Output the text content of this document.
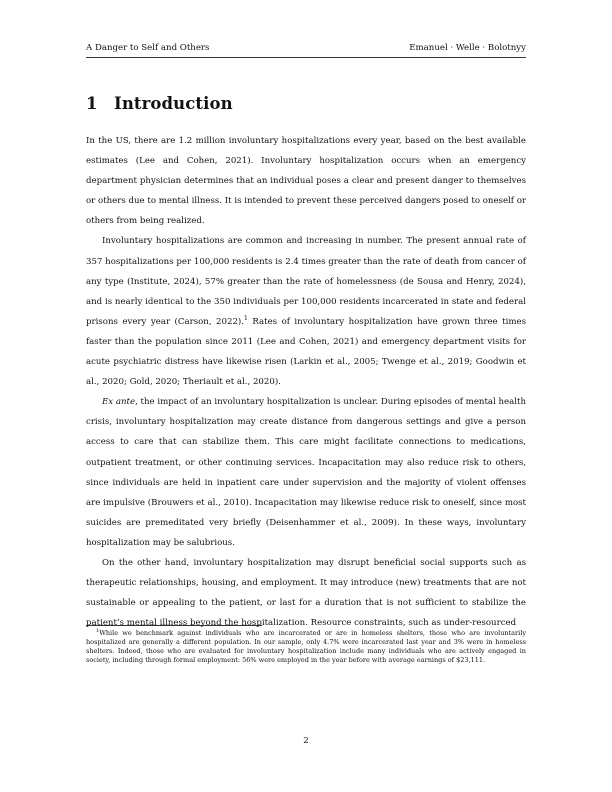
A Danger to Self and Others	Emanuel · Welle · Bolotnyy
1 Introduction

In the US, there are 1.2 million involuntary hospitalizations every year, based on the best available estimates (Lee and Cohen, 2021). Involuntary hospitalization occurs when an emergency department physician determines that an individual poses a clear and present danger to themselves or others due to mental illness. It is intended to prevent these perceived dangers posed to oneself or others from being realized.

Involuntary hospitalizations are common and increasing in number. The present annual rate of 357 hospitalizations per 100,000 residents is 2.4 times greater than the rate of death from cancer of any type (Institute, 2024), 57% greater than the rate of homelessness (de Sousa and Henry, 2024), and is nearly identical to the 350 individuals per 100,000 residents incarcerated in state and federal prisons every year (Carson, 2022).$^1$ Rates of involuntary hospitalization have grown three times faster than the population since 2011 (Lee and Cohen, 2021) and emergency department visits for acute psychiatric distress have likewise risen (Larkin et al., 2005; Twenge et al., 2019; Goodwin et al., 2020; Gold, 2020; Theriault et al., 2020).

Ex ante, the impact of an involuntary hospitalization is unclear. During episodes of mental health crisis, involuntary hospitalization may create distance from dangerous settings and give a person access to care that can stabilize them. This care might facilitate connections to medications, outpatient treatment, or other continuing services. Incapacitation may also reduce risk to others, since individuals are held in inpatient care under supervision and the majority of violent offenses are impulsive (Brouwers et al., 2010). Incapacitation may likewise reduce risk to oneself, since most suicides are premeditated very briefly (Deisenhammer et al., 2009). In these ways, involuntary hospitalization may be salubrious.

On the other hand, involuntary hospitalization may disrupt beneficial social supports such as therapeutic relationships, housing, and employment. It may introduce (new) treatments that are not sustainable or appealing to the patient, or last for a duration that is not sufficient to stabilize the patient’s mental illness beyond the hospitalization. Resource constraints, such as under-resourced

$^1$While we benchmark against individuals who are incarcerated or are in homeless shelters, those who are involuntarily hospitalized are generally a different population. In our sample, only 4.7% were incarcerated last year and 3% were in homeless shelters. Indeed, those who are evaluated for involuntary hospitalization include many individuals who are actively engaged in society, including through formal employment: 56% were employed in the year before with average earnings of $23,111.

2
